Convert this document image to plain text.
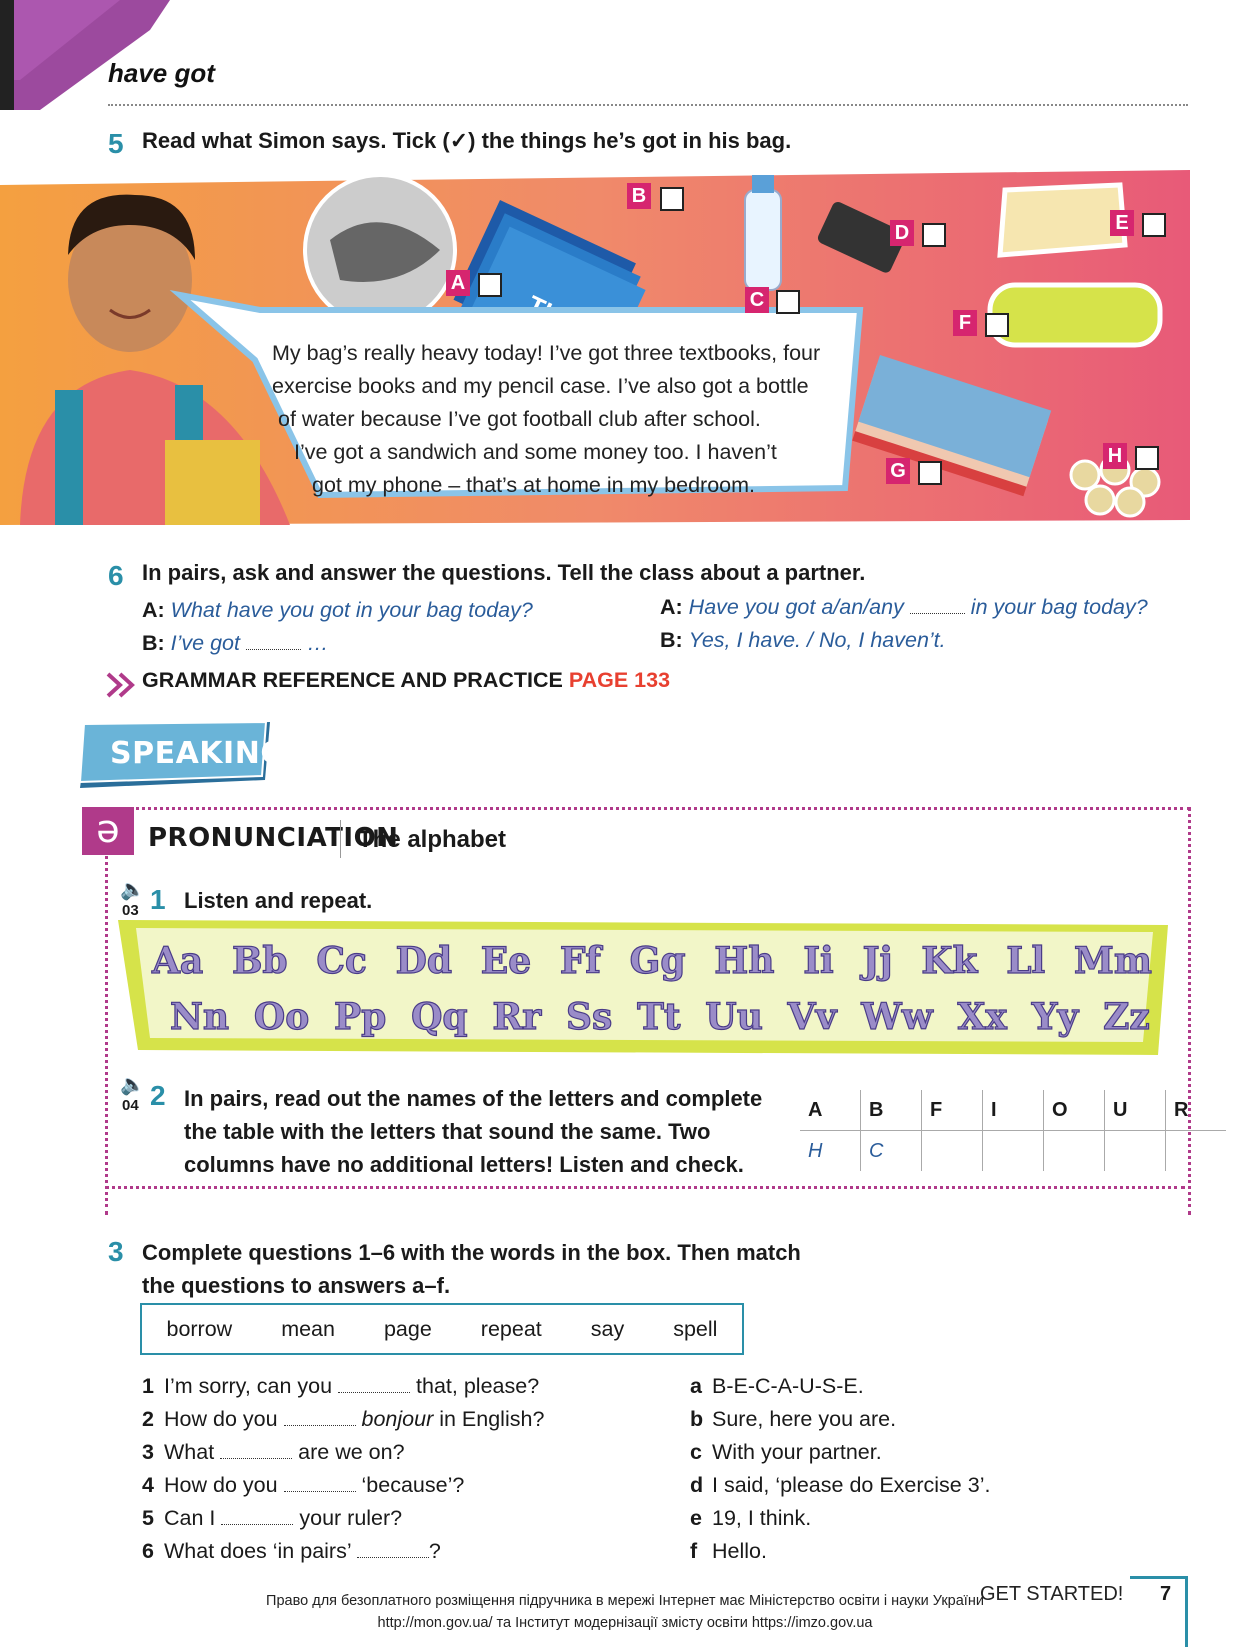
have got
5 Read what Simon says. Tick (✓) the things he’s got in his bag.
My bag’s really heavy today! I’ve got three textbooks, four
exercise books and my pencil case. I’ve also got a bottle
of water because I’ve got football club after school.
I’ve got a sandwich and some money too. I haven’t
got my phone – that’s at home in my bedroom.
A
B
C
D	E
F
G
H
6 In pairs, ask and answer the questions. Tell the class about a partner.
A: What have you got in your bag today?
B: I’ve got	…
A: Have you got a/an/any	in your bag today?
B: Yes, I have. / No, I haven’t.
GRAMMAR REFERENCE AND PRACTICE PAGE 133
SPEAKING
ə	PRONUNCIATION
The alphabet
🔈
03 1 Listen and repeat.
Aa Bb Cc Dd Ee Ff Gg Hh Ii Jj Kk Ll Mm
Nn Oo Pp Qq Rr Ss Tt Uu Vv Ww Xx Yy Zz
🔈
04 2 In pairs, read out the names of the letters and complete
the table with the letters that sound the same. Two
columns have no additional letters! Listen and check.
A	B	F	I	O	U	R
H	C					
3 Complete questions 1–6 with the words in the box. Then match
the questions to answers a–f.
borrow mean page repeat say spell
1 I’m sorry, can you	that, please?
2 How do you	bonjour in English?
3 What	are we on?
4 How do you	‘because’?
5 Can I	your ruler?
6 What does ‘in pairs’	?
a B-E-C-A-U-S-E.
b Sure, here you are.
c With your partner.
d I said, ‘please do Exercise 3’.
e 19, I think.
f Hello.
Право для безоплатного розміщення підручника в мережі Інтернет має Міністерство освіти і науки України
http://mon.gov.ua/ та Інститут модернізації змісту освіти https://imzo.gov.ua
GET STARTED! 7
